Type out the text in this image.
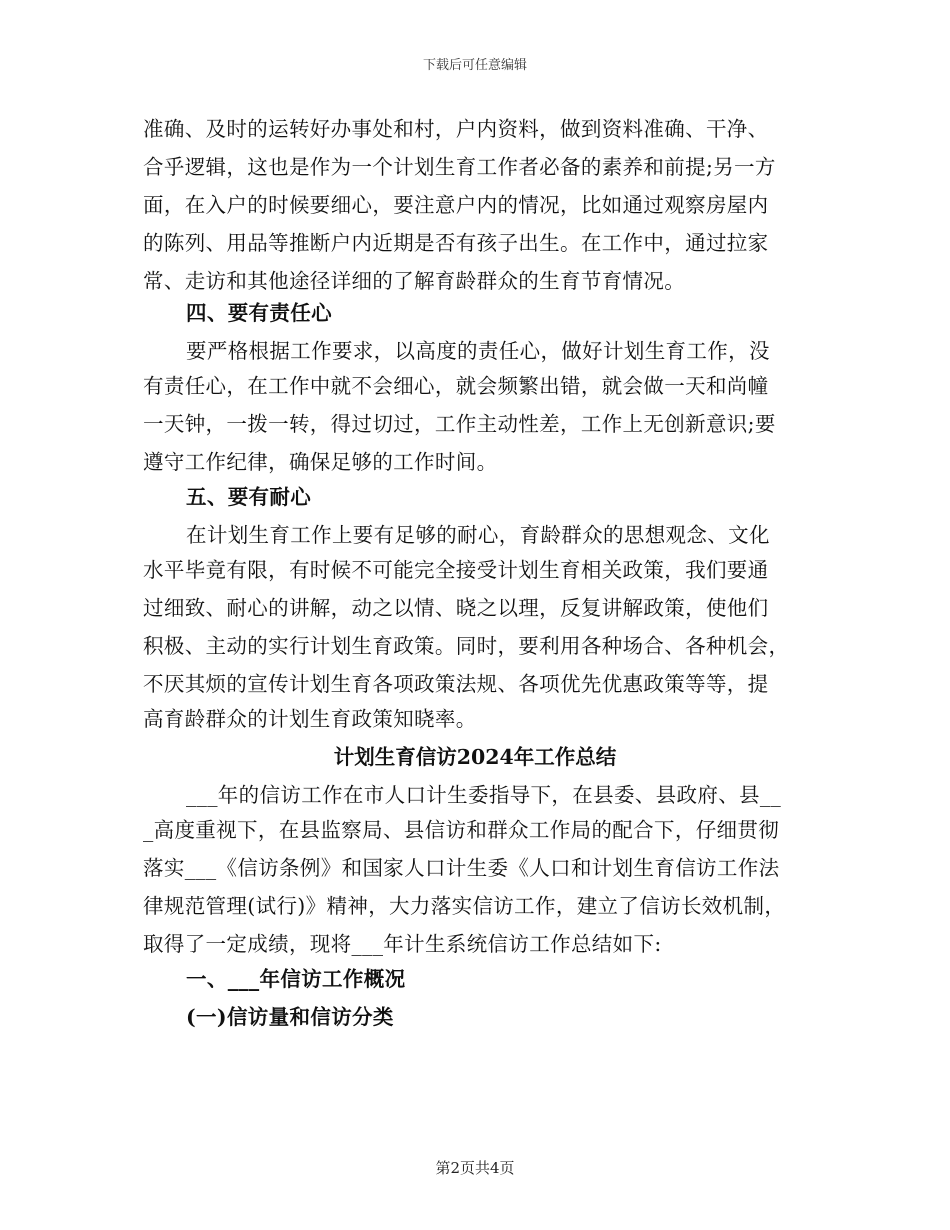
下载后可任意编辑
准确、及时的运转好办事处和村，户内资料，做到资料准确、干净、
合乎逻辑，这也是作为一个计划生育工作者必备的素养和前提;另一方
面，在入户的时候要细心，要注意户内的情况，比如通过观察房屋内
的陈列、用品等推断户内近期是否有孩子出生。在工作中，通过拉家
常、走访和其他途径详细的了解育龄群众的生育节育情况。
四、要有责任心
要严格根据工作要求，以高度的责任心，做好计划生育工作，没
有责任心，在工作中就不会细心，就会频繁出错，就会做一天和尚幢
一天钟，一拨一转，得过切过，工作主动性差，工作上无创新意识;要
遵守工作纪律，确保足够的工作时间。
五、要有耐心
在计划生育工作上要有足够的耐心，育龄群众的思想观念、文化
水平毕竟有限，有时候不可能完全接受计划生育相关政策，我们要通
过细致、耐心的讲解，动之以情、晓之以理，反复讲解政策，使他们
积极、主动的实行计划生育政策。同时，要利用各种场合、各种机会，
不厌其烦的宣传计划生育各项政策法规、各项优先优惠政策等等，提
高育龄群众的计划生育政策知晓率。
计划生育信访2024年工作总结
___年的信访工作在市人口计生委指导下，在县委、县政府、县__
_高度重视下，在县监察局、县信访和群众工作局的配合下，仔细贯彻
落实___《信访条例》和国家人口计生委《人口和计划生育信访工作法
律规范管理(试行)》精神，大力落实信访工作，建立了信访长效机制，
取得了一定成绩，现将___年计生系统信访工作总结如下:
一、___年信访工作概况
(一)信访量和信访分类
第2页共4页
